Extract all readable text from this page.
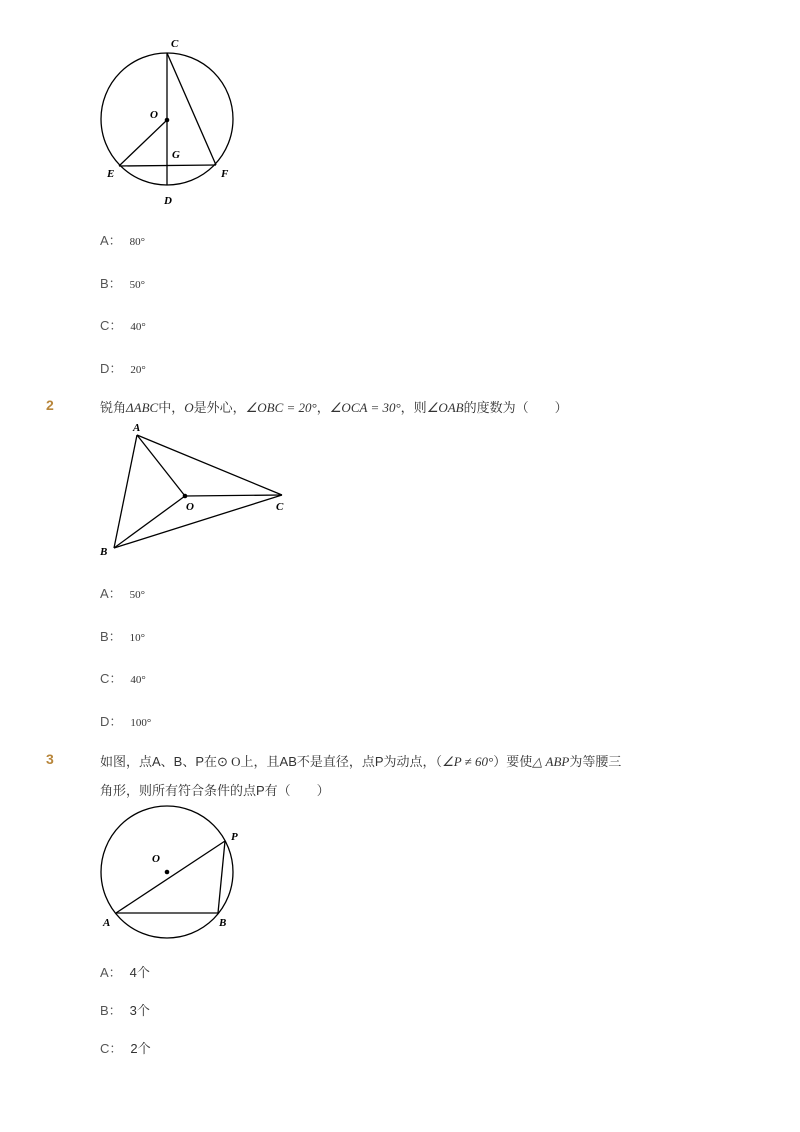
C
O
G
E	F
D
A： 80°
B： 50°
C： 40°
D： 20°
2	锐角ΔABC中，O是外心，∠OBC = 20°，∠OCA = 30°，则∠OAB的度数为（　　）
A
O	C
B
A： 50°
B： 10°
C： 40°
D： 100°
3	如图，点A、B、P在⊙ O上，且AB不是直径，点P为动点，（∠P ≠ 60°）要使△ ABP为等腰三
角形，则所有符合条件的点P有（　　）
O
P
A	B
A： 4个
B： 3个
C： 2个
